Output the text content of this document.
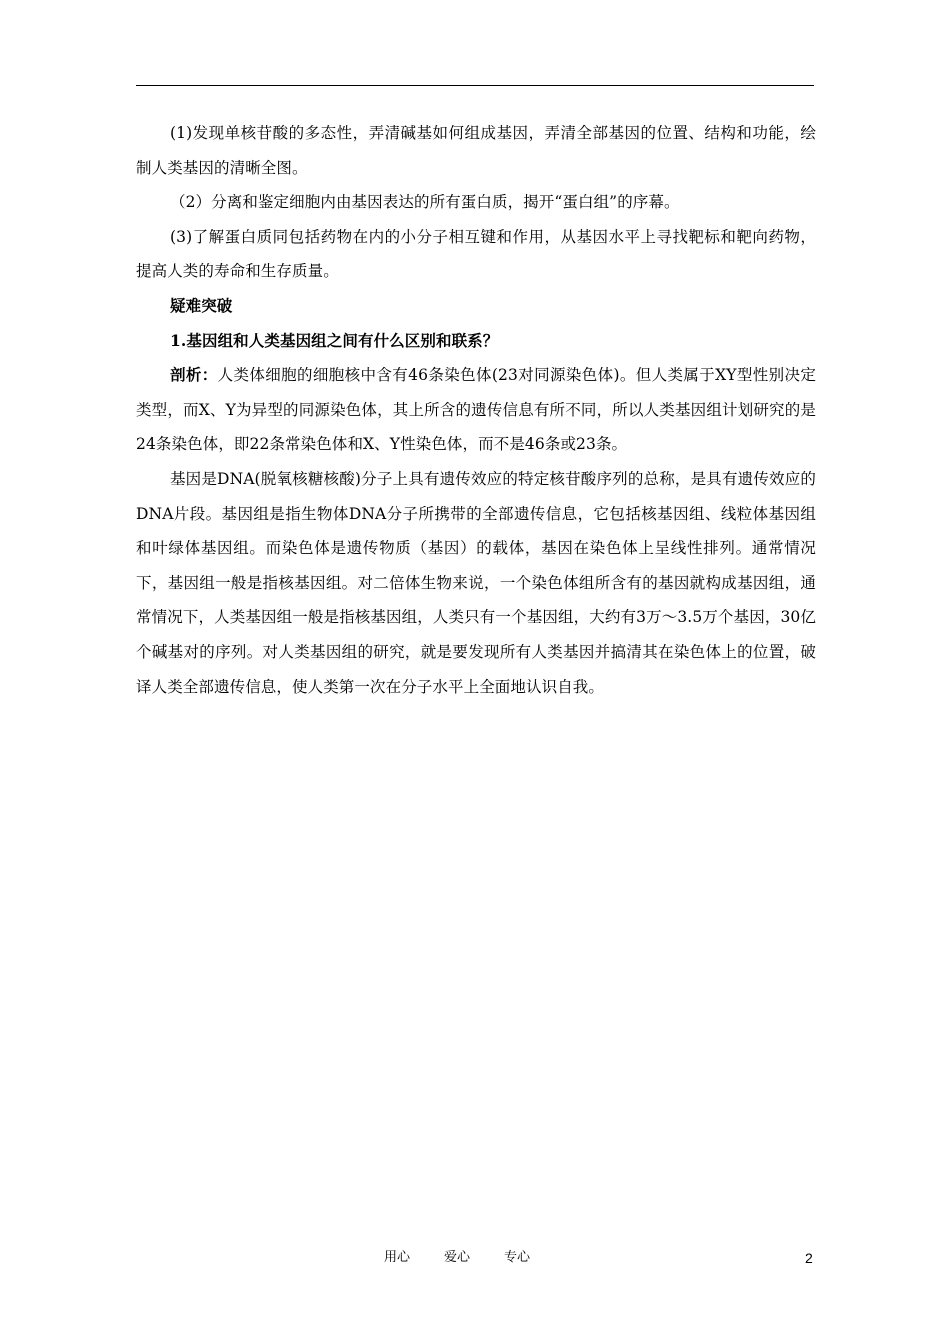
(1)发现单核苷酸的多态性，弄清碱基如何组成基因，弄清全部基因的位置、结构和功能，绘制人类基因的清晰全图。

（2）分离和鉴定细胞内由基因表达的所有蛋白质，揭开“蛋白组”的序幕。

(3)了解蛋白质同包括药物在内的小分子相互键和作用，从基因水平上寻找靶标和靶向药物，提高人类的寿命和生存质量。

疑难突破

1.基因组和人类基因组之间有什么区别和联系？

剖析：人类体细胞的细胞核中含有46条染色体(23对同源染色体)。但人类属于XY型性别决定类型，而X、Y为异型的同源染色体，其上所含的遗传信息有所不同，所以人类基因组计划研究的是24条染色体，即22条常染色体和X、Y性染色体，而不是46条或23条。

基因是DNA(脱氧核糖核酸)分子上具有遗传效应的特定核苷酸序列的总称，是具有遗传效应的DNA片段。基因组是指生物体DNA分子所携带的全部遗传信息，它包括核基因组、线粒体基因组和叶绿体基因组。而染色体是遗传物质（基因）的载体，基因在染色体上呈线性排列。通常情况下，基因组一般是指核基因组。对二倍体生物来说，一个染色体组所含有的基因就构成基因组，通常情况下，人类基因组一般是指核基因组，人类只有一个基因组，大约有3万～3.5万个基因，30亿个碱基对的序列。对人类基因组的研究，就是要发现所有人类基因并搞清其在染色体上的位置，破译人类全部遗传信息，使人类第一次在分子水平上全面地认识自我。

用心	爱心	专心	2
